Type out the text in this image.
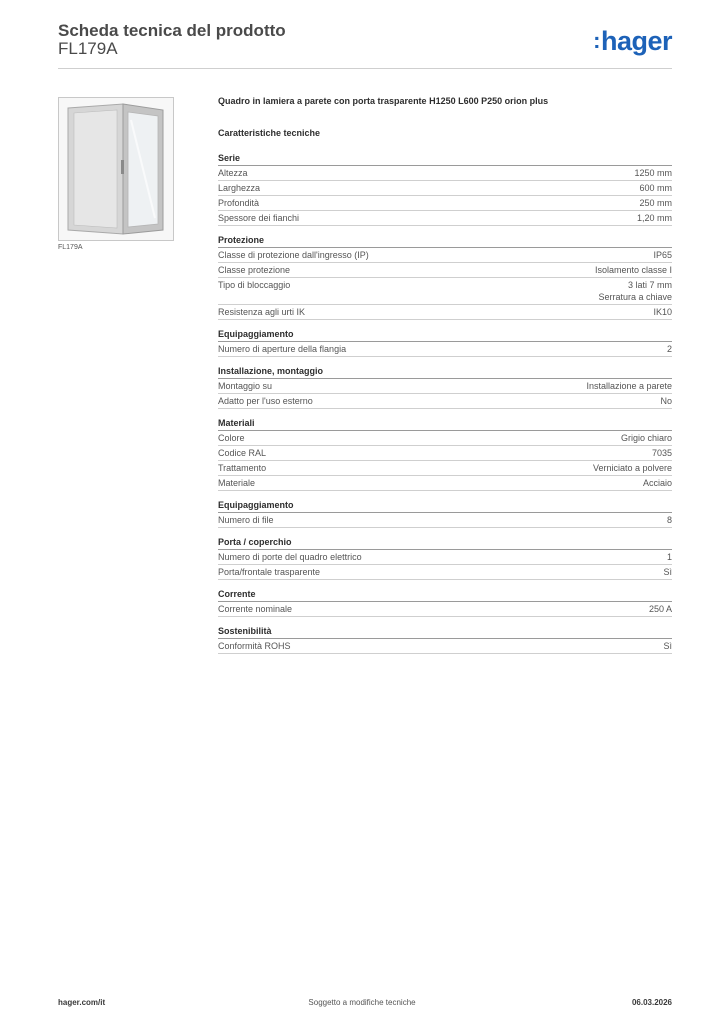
Scheda tecnica del prodotto
FL179A	:hager
FL179A
Quadro in lamiera a parete con porta trasparente H1250 L600 P250 orion plus
Caratteristiche tecniche
Serie
Altezza	1250 mm
Larghezza	600 mm
Profondità	250 mm
Spessore dei fianchi	1,20 mm
Protezione
Classe di protezione dall'ingresso (IP)	IP65
Classe protezione	Isolamento classe I
Tipo di bloccaggio	3 lati 7 mm
Serratura a chiave
Resistenza agli urti IK	IK10
Equipaggiamento
Numero di aperture della flangia	2
Installazione, montaggio
Montaggio su	Installazione a parete
Adatto per l'uso esterno	No
Materiali
Colore	Grigio chiaro
Codice RAL	7035
Trattamento	Verniciato a polvere
Materiale	Acciaio
Equipaggiamento
Numero di file	8
Porta / coperchio
Numero di porte del quadro elettrico	1
Porta/frontale trasparente	Sì
Corrente
Corrente nominale	250 A
Sostenibilità
Conformità ROHS	Sì
hager.com/it	Soggetto a modifiche tecniche	06.03.2026
